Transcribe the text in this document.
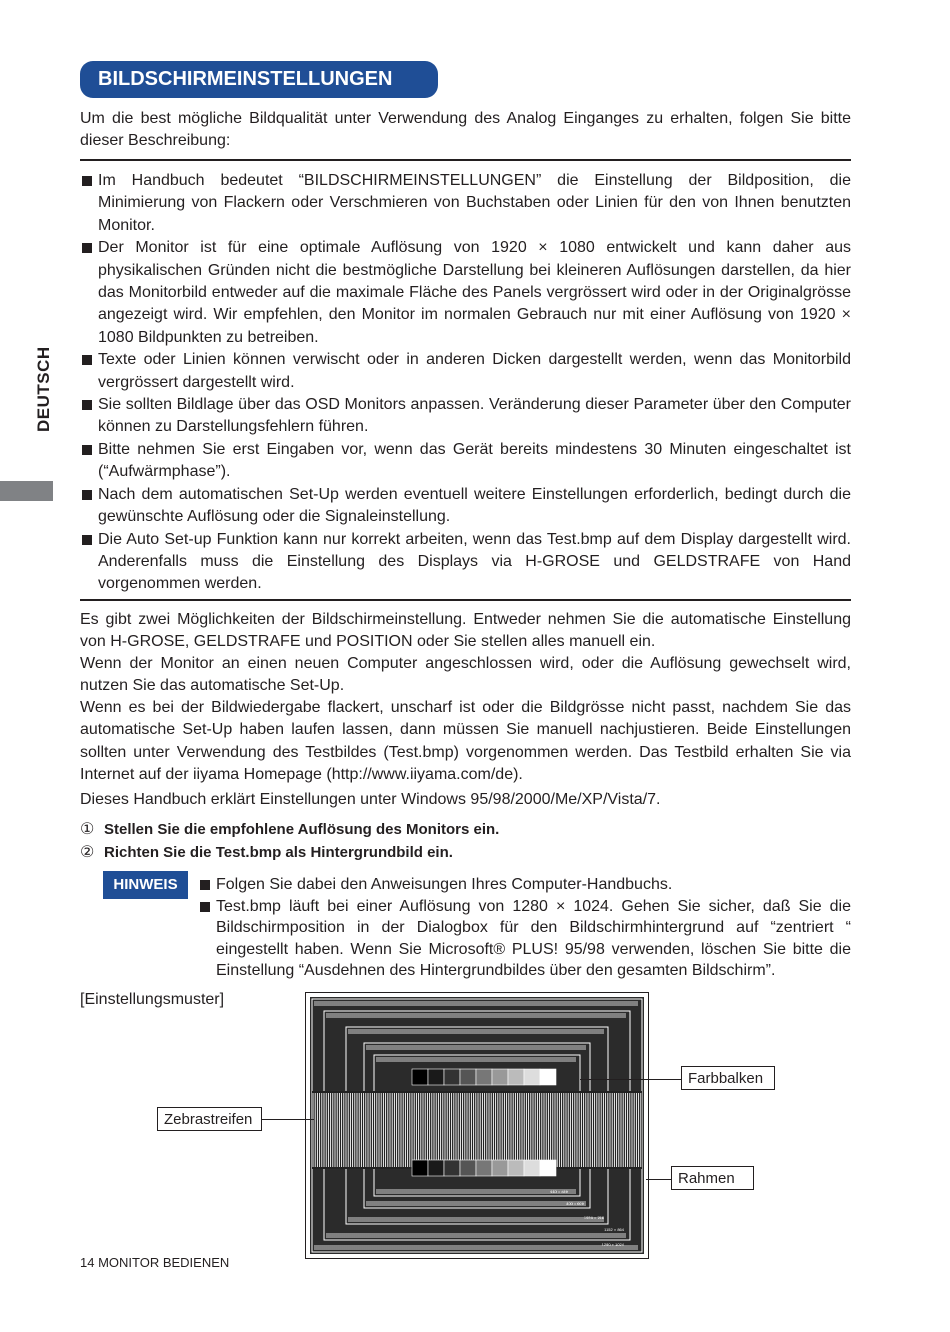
BILDSCHIRMEINSTELLUNGEN

Um die best mögliche Bildqualität unter Verwendung des Analog Einganges zu erhalten, folgen Sie bitte dieser Beschreibung:

Im Handbuch bedeutet “BILDSCHIRMEINSTELLUNGEN” die Einstellung der Bildposition, die Minimierung von Flackern oder Verschmieren von Buchstaben oder Linien für den von Ihnen benutzten Monitor.
Der Monitor ist für eine optimale Auflösung von 1920 × 1080 entwickelt und kann daher aus physikalischen Gründen nicht die bestmögliche Darstellung bei kleineren Auflösungen darstellen, da hier das Monitorbild entweder auf die maximale Fläche des Panels vergrössert wird oder in der Originalgrösse angezeigt wird. Wir empfehlen, den Monitor im normalen Gebrauch nur mit einer Auflösung von 1920 × 1080 Bildpunkten zu betreiben.
Texte oder Linien können verwischt oder in anderen Dicken dargestellt werden, wenn das Monitorbild vergrössert dargestellt wird.
Sie sollten Bildlage über das OSD Monitors anpassen. Veränderung dieser Parameter über den Computer können zu Darstellungsfehlern führen.
Bitte nehmen Sie erst Eingaben vor, wenn das Gerät bereits mindestens 30 Minuten eingeschaltet ist (“Aufwärmphase”).
Nach dem automatischen Set-Up werden eventuell weitere Einstellungen erforderlich, bedingt durch die gewünschte Auflösung oder die Signaleinstellung.
Die Auto Set-up Funktion kann nur korrekt arbeiten, wenn das Test.bmp auf dem Display dargestellt wird. Anderenfalls muss die Einstellung des Displays via H-GROSE und GELDSTRAFE von Hand vorgenommen werden.
DEUTSCH

Es gibt zwei Möglichkeiten der Bildschirmeinstellung. Entweder nehmen Sie die automatische Einstellung von H-GROSE, GELDSTRAFE und POSITION oder Sie stellen alles manuell ein.

Wenn der Monitor an einen neuen Computer angeschlossen wird, oder die Auflösung gewechselt wird, nutzen Sie das automatische Set-Up.

Wenn es bei der Bildwiedergabe flackert, unscharf ist oder die Bildgrösse nicht passt, nachdem Sie das automatische Set-Up haben laufen lassen, dann müssen Sie manuell nachjustieren. Beide Einstellungen sollten unter Verwendung des Testbildes (Test.bmp) vorgenommen werden. Das Testbild erhalten Sie via Internet auf der iiyama Homepage (http://www.iiyama.com/de).

Dieses Handbuch erklärt Einstellungen unter Windows 95/98/2000/Me/XP/Vista/7.

① Stellen Sie die empfohlene Auflösung des Monitors ein.
② Richten Sie die Test.bmp als Hintergrundbild ein.
HINWEIS	Folgen Sie dabei den Anweisungen Ihres Computer-Handbuchs.
Test.bmp läuft bei einer Auflösung von 1280 × 1024. Gehen Sie sicher, daß Sie die Bildschirmposition in der Dialogbox für den Bildschirmhintergrund auf “zentriert “ eingestellt haben. Wenn Sie Microsoft® PLUS! 95/98 verwenden, löschen Sie bitte die Einstellung “Ausdehnen des Hintergrundbildes über den gesamten Bildschirm”.
[Einstellungsmuster]
640 × 480
800 × 600
1024 × 768
1152 × 864
1280 × 1024
Farbbalken
Zebrastreifen
Rahmen
14 MONITOR BEDIENEN
